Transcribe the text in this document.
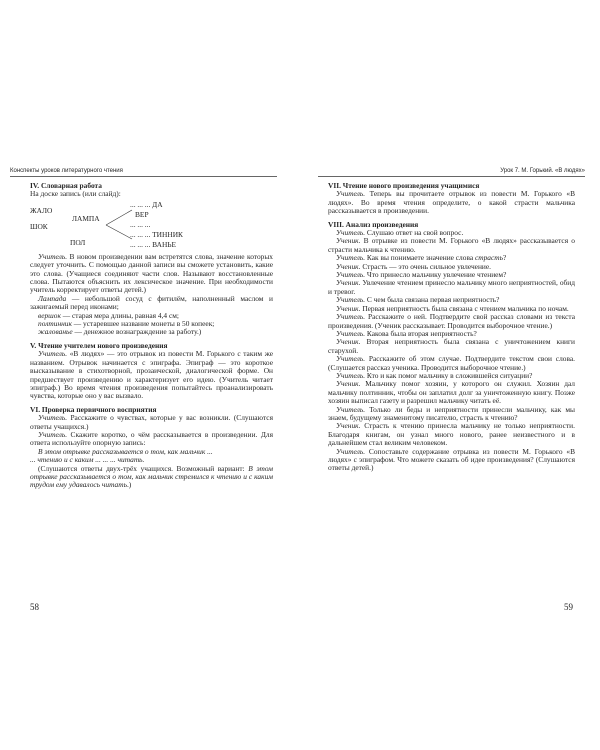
Конспекты уроков литературного чтения
IV. Словарная работа

На доске запись (или слайд):

ЖАЛО
ШОК
ПОЛ
ЛАМПА
... ... ... ДА
ВЕР
... ... ...
... ... ... ТИННИК
... ... ... ВАНЬЕ

Учитель. В новом произведении вам встретятся слова, значение которых следует уточнить. С помощью данной записи вы сможете установить, какие это слова. (Учащиеся соединяют части слов. Называют восстановленные слова. Пытаются объяснить их лексическое значение. При необходимости учитель корректирует ответы детей.)

Лампада — небольшой сосуд с фитилём, наполненный маслом и зажигаемый перед иконами;

вершок — старая мера длины, равная 4,4 см;

полтинник — устаревшее название монеты в 50 копеек;

жалованье — денежное вознаграждение за работу.)

V. Чтение учителем нового произведения

Учитель. «В людях» — это отрывок из повести М. Горького с таким же названием. Отрывок начинается с эпиграфа. Эпиграф — это короткое высказывание в стихотворной, прозаической, диалогической форме. Он предшествует произведению и характеризует его идею. (Учитель читает эпиграф.) Во время чтения произведения попытайтесь проанализировать чувства, которые оно у вас вызвало.

VI. Проверка первичного восприятия

Учитель. Расскажите о чувствах, которые у вас возникли. (Слушаются ответы учащихся.)

Учитель. Скажите коротко, о чём рассказывается в произведении. Для ответа используйте опорную запись:

В этом отрывке рассказывается о том, как мальчик ...

... чтению и с каким ... ... ... читать.

(Слушаются ответы двух-трёх учащихся. Возможный вариант: В этом отрывке рассказывается о том, как мальчик стремился к чтению и с каким трудом ему удавалось читать.)

58
Урок 7. М. Горький. «В людях»
VII. Чтение нового произведения учащимися

Учитель. Теперь вы прочитаете отрывок из повести М. Горького «В людях». Во время чтения определите, о какой страсти мальчика рассказывается в произведении.

VIII. Анализ произведения

Учитель. Слушаю ответ на свой вопрос.

Ученик. В отрывке из повести М. Горького «В людях» рассказывается о страсти мальчика к чтению.

Учитель. Как вы понимаете значение слова страсть?

Ученик. Страсть — это очень сильное увлечение.

Учитель. Что принесло мальчику увлечение чтением?

Ученик. Увлечение чтением принесло мальчику много неприятностей, обид и тревог.

Учитель. С чем была связана первая неприятность?

Ученик. Первая неприятность была связана с чтением мальчика по ночам.

Учитель. Расскажите о ней. Подтвердите свой рассказ словами из текста произведения. (Ученик рассказывает. Проводится выборочное чтение.)

Учитель. Какова была вторая неприятность?

Ученик. Вторая неприятность была связана с уничтожением книги старухой.

Учитель. Расскажите об этом случае. Подтвердите текстом свои слова. (Слушается рассказ ученика. Проводится выборочное чтение.)

Учитель. Кто и как помог мальчику в сложившейся ситуации?

Ученик. Мальчику помог хозяин, у которого он служил. Хозяин дал мальчику полтинник, чтобы он заплатил долг за уничтоженную книгу. Позже хозяин выписал газету и разрешил мальчику читать её.

Учитель. Только ли беды и неприятности принесли мальчику, как мы знаем, будущему знаменитому писателю, страсть к чтению?

Ученик. Страсть к чтению принесла мальчику не только неприятности. Благодаря книгам, он узнал много нового, ранее неизвестного и в дальнейшем стал великим человеком.

Учитель. Сопоставьте содержание отрывка из повести М. Горького «В людях» с эпиграфом. Что можете сказать об идее произведения? (Слушаются ответы детей.)

59
